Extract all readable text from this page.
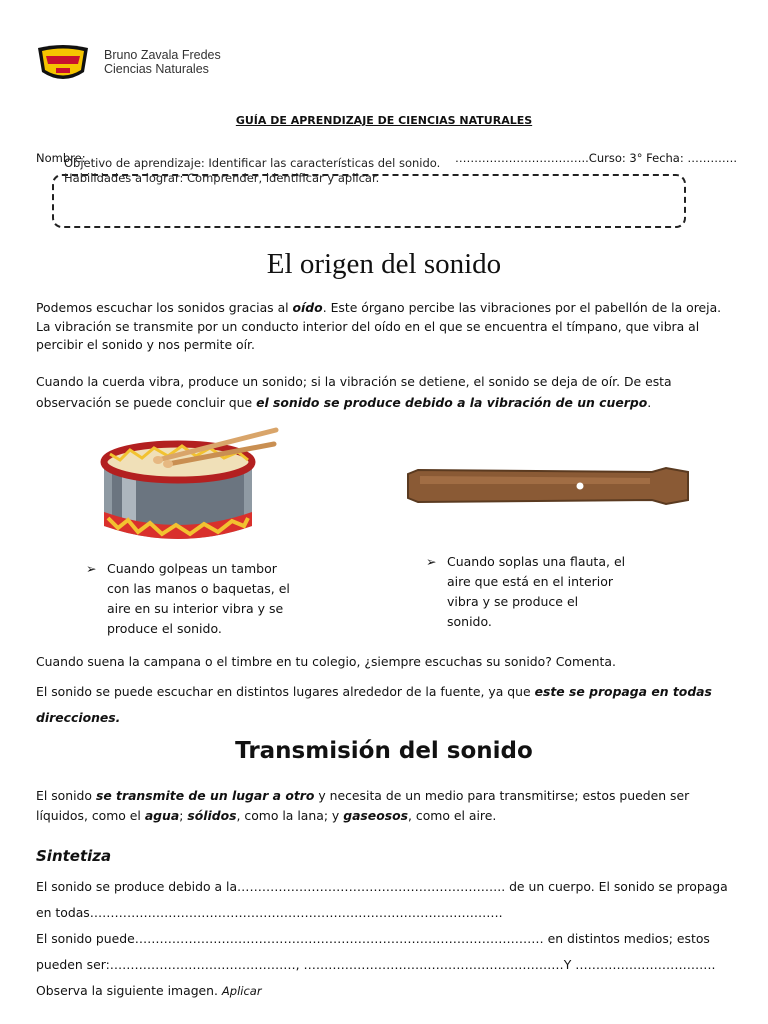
Bruno Zavala Fredes
Ciencias Naturales
GUÍA DE APRENDIZAJE DE CIENCIAS NATURALES
Nombre:	……………………………..Curso: 3° Fecha: ………….
Objetivo de aprendizaje: Identificar las características del sonido.
Habilidades a lograr: Comprender, identificar y aplicar.
El origen del sonido
Podemos escuchar los sonidos gracias al oído. Este órgano percibe las vibraciones por el pabellón de la oreja. La vibración se transmite por un conducto interior del oído en el que se encuentra el tímpano, que vibra al percibir el sonido y nos permite oír.
Cuando la cuerda vibra, produce un sonido; si la vibración se detiene, el sonido se deja de oír. De esta observación se puede concluir que el sonido se produce debido a la vibración de un cuerpo.
➢ Cuando golpeas un tambor con las manos o baquetas, el aire en su interior vibra y se produce el sonido.
➢ Cuando soplas una flauta, el aire que está en el interior vibra y se produce el sonido.
Cuando suena la campana o el timbre en tu colegio, ¿siempre escuchas su sonido? Comenta.
El sonido se puede escuchar en distintos lugares alrededor de la fuente, ya que este se propaga en todas direcciones.
Transmisión del sonido
El sonido se transmite de un lugar a otro y necesita de un medio para transmitirse; estos pueden ser líquidos, como el agua; sólidos, como la lana; y gaseosos, como el aire.
Sintetiza
El sonido se produce debido a la……………………………………………………….. de un cuerpo. El sonido se propaga
en todas……………………………………………………………………………………….
El sonido puede……………………………………………………………………………………… en distintos medios; estos
pueden ser:………………………………………, ………………………………………………………Y …………………………….
Observa la siguiente imagen. Aplicar
